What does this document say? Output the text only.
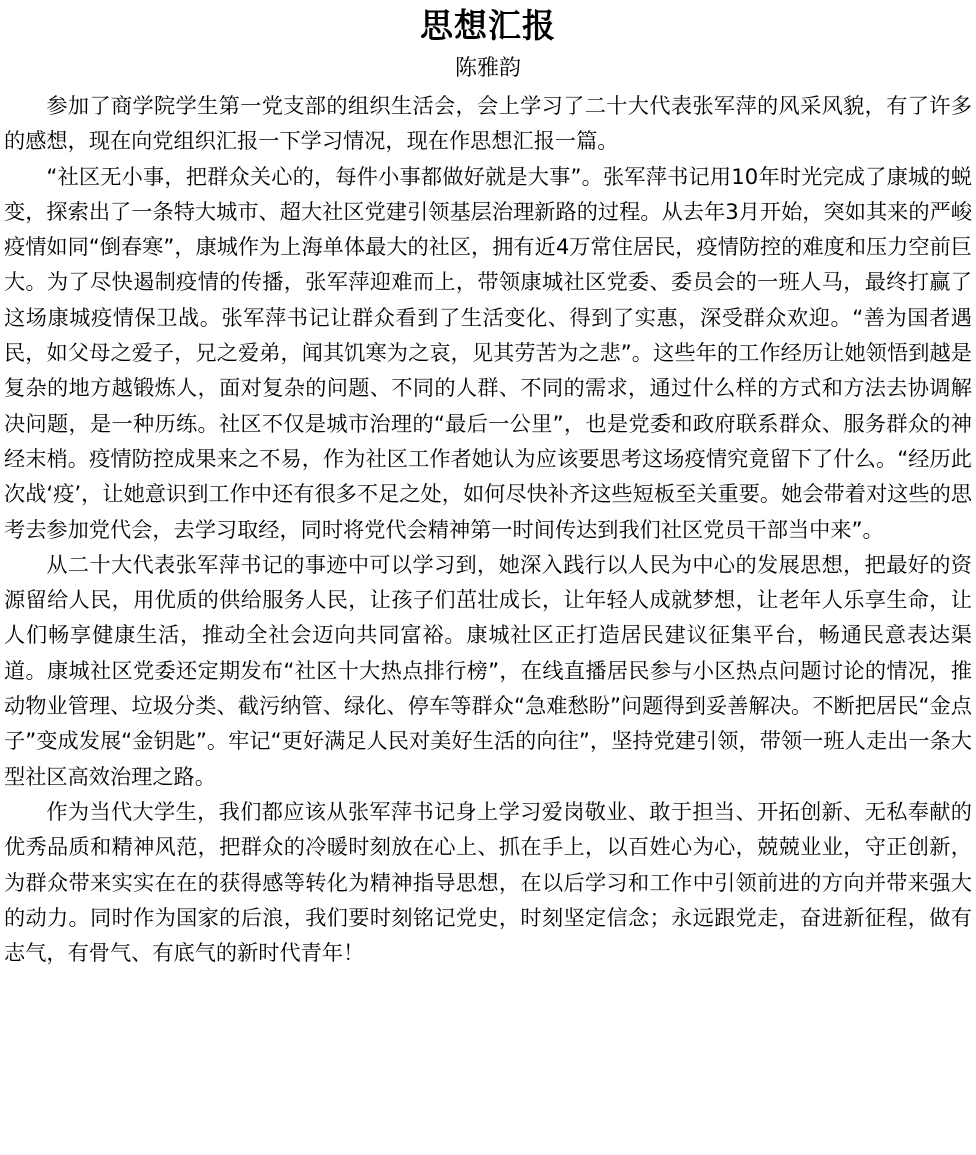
思想汇报
陈雅韵

参加了商学院学生第一党支部的组织生活会，会上学习了二十大代表张军萍的风采风貌，有了许多的感想，现在向党组织汇报一下学习情况，现在作思想汇报一篇。

“社区无小事，把群众关心的，每件小事都做好就是大事”。张军萍书记用10年时光完成了康城的蜕变，探索出了一条特大城市、超大社区党建引领基层治理新路的过程。从去年3月开始，突如其来的严峻疫情如同“倒春寒”，康城作为上海单体最大的社区，拥有近4万常住居民，疫情防控的难度和压力空前巨大。为了尽快遏制疫情的传播，张军萍迎难而上，带领康城社区党委、委员会的一班人马，最终打赢了这场康城疫情保卫战。张军萍书记让群众看到了生活变化、得到了实惠，深受群众欢迎。“善为国者遇民，如父母之爱子，兄之爱弟，闻其饥寒为之哀，见其劳苦为之悲”。这些年的工作经历让她领悟到越是复杂的地方越锻炼人，面对复杂的问题、不同的人群、不同的需求，通过什么样的方式和方法去协调解决问题，是一种历练。社区不仅是城市治理的“最后一公里”，也是党委和政府联系群众、服务群众的神经末梢。疫情防控成果来之不易，作为社区工作者她认为应该要思考这场疫情究竟留下了什么。“经历此次战‘疫’，让她意识到工作中还有很多不足之处，如何尽快补齐这些短板至关重要。她会带着对这些的思考去参加党代会，去学习取经，同时将党代会精神第一时间传达到我们社区党员干部当中来”。

从二十大代表张军萍书记的事迹中可以学习到，她深入践行以人民为中心的发展思想，把最好的资源留给人民，用优质的供给服务人民，让孩子们茁壮成长，让年轻人成就梦想，让老年人乐享生命，让人们畅享健康生活，推动全社会迈向共同富裕。康城社区正打造居民建议征集平台，畅通民意表达渠道。康城社区党委还定期发布“社区十大热点排行榜”，在线直播居民参与小区热点问题讨论的情况，推动物业管理、垃圾分类、截污纳管、绿化、停车等群众“急难愁盼”问题得到妥善解决。不断把居民“金点子”变成发展“金钥匙”。牢记“更好满足人民对美好生活的向往”，坚持党建引领，带领一班人走出一条大型社区高效治理之路。

作为当代大学生，我们都应该从张军萍书记身上学习爱岗敬业、敢于担当、开拓创新、无私奉献的优秀品质和精神风范，把群众的冷暖时刻放在心上、抓在手上，以百姓心为心，兢兢业业，守正创新，为群众带来实实在在的获得感等转化为精神指导思想，在以后学习和工作中引领前进的方向并带来强大的动力。同时作为国家的后浪，我们要时刻铭记党史，时刻坚定信念；永远跟党走，奋进新征程，做有志气，有骨气、有底气的新时代青年！
